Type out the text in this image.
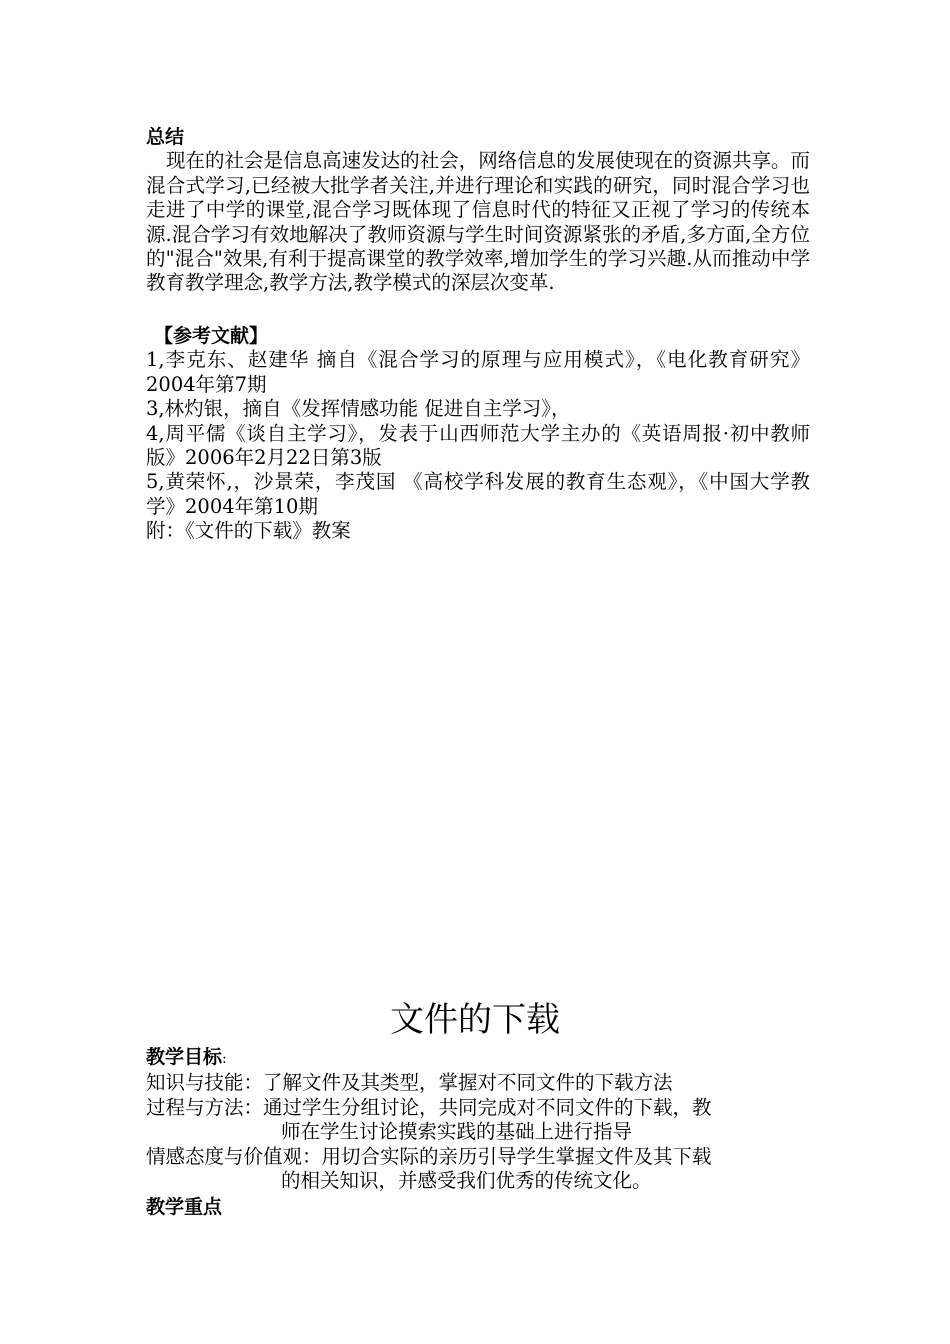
总结

现在的社会是信息高速发达的社会，网络信息的发展使现在的资源共享。而混合式学习,已经被大批学者关注,并进行理论和实践的研究，同时混合学习也走进了中学的课堂,混合学习既体现了信息时代的特征又正视了学习的传统本源.混合学习有效地解决了教师资源与学生时间资源紧张的矛盾,多方面,全方位的"混合"效果,有利于提高课堂的教学效率,增加学生的学习兴趣.从而推动中学教育教学理念,教学方法,教学模式的深层次变革.

【参考文献】

1,李克东、赵建华 摘自《混合学习的原理与应用模式》，《电化教育研究》2004年第7期

3,林灼银，摘自《发挥情感功能 促进自主学习》，

4,周平儒《谈自主学习》，发表于山西师范大学主办的《英语周报·初中教师版》2006年2月22日第3版

5,黄荣怀,，沙景荣，李茂国 《高校学科发展的教育生态观》，《中国大学教学》2004年第10期

附：《文件的下载》教案

文件的下载
教学目标:
知识与技能： 了解文件及其类型，掌握对不同文件的下载方法
过程与方法： 通过学生分组讨论，共同完成对不同文件的下载，教
师在学生讨论摸索实践的基础上进行指导
情感态度与价值观： 用切合实际的亲历引导学生掌握文件及其下载
的相关知识，并感受我们优秀的传统文化。
教学重点
